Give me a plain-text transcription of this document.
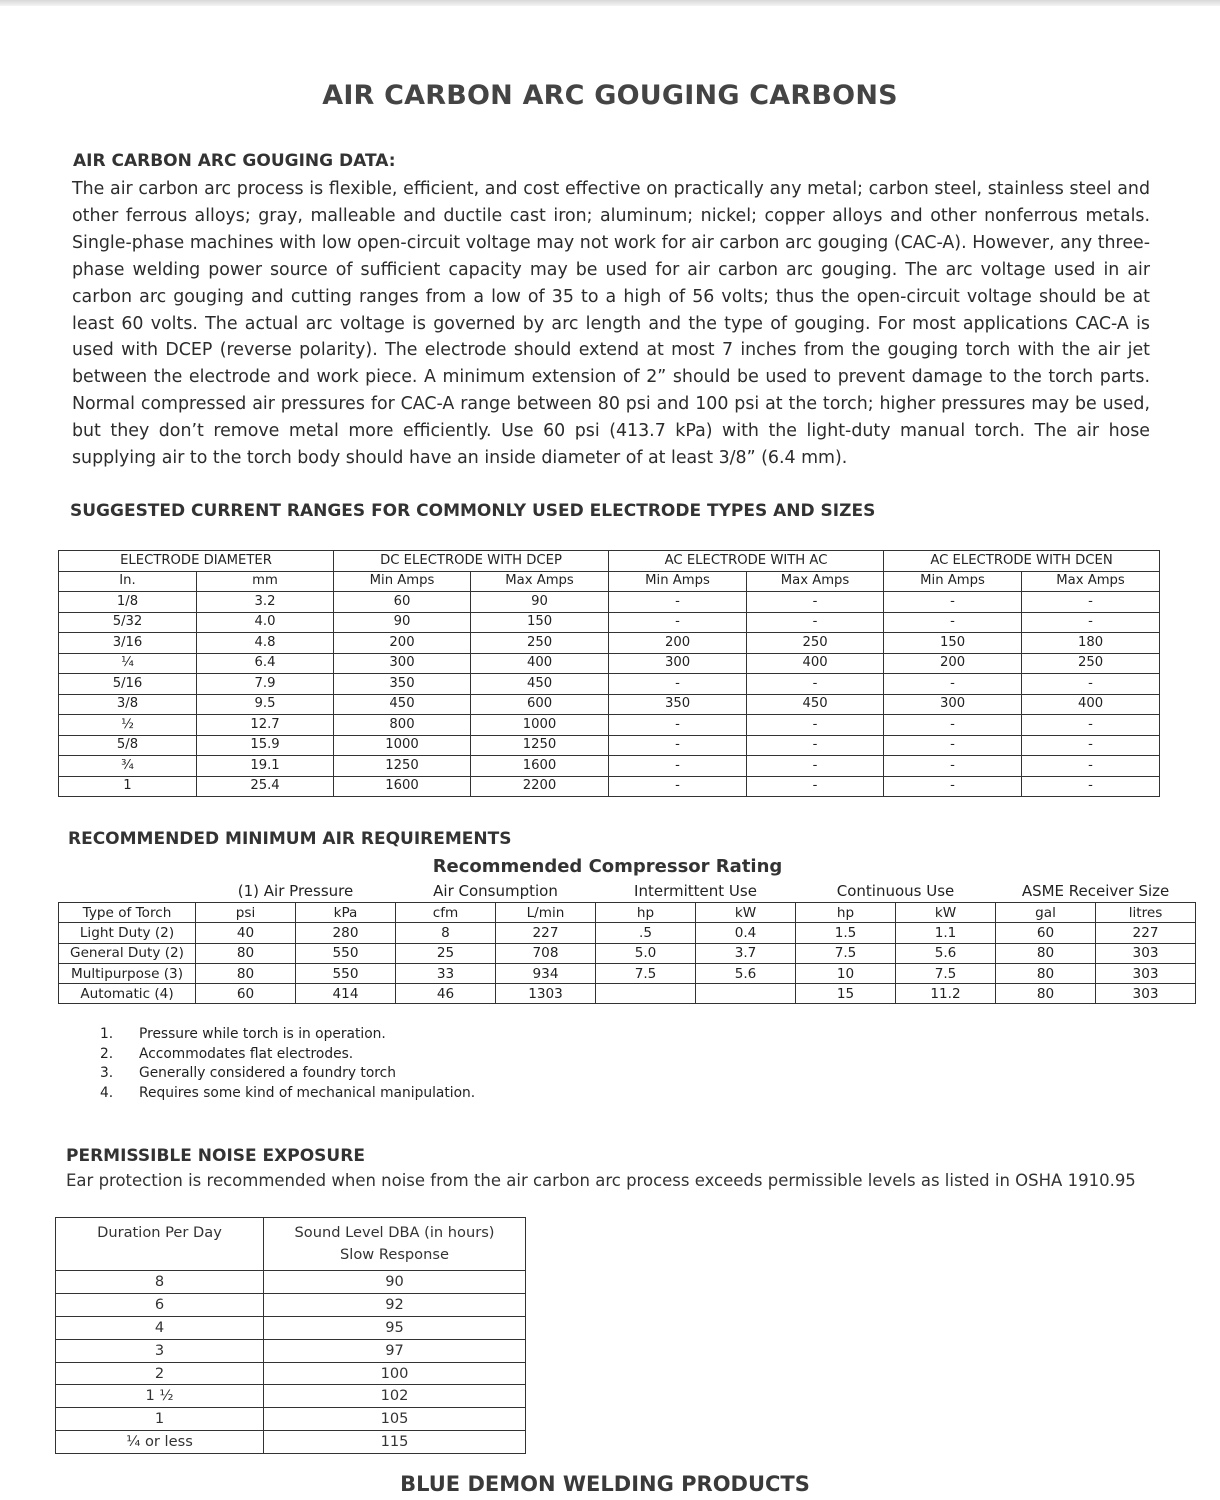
AIR CARBON ARC GOUGING CARBONS
AIR CARBON ARC GOUGING DATA:
The air carbon arc process is flexible, efficient, and cost effective on practically any metal; carbon steel, stainless steel and other ferrous alloys; gray, malleable and ductile cast iron; aluminum; nickel; copper alloys and other nonferrous metals. Single-phase machines with low open-circuit voltage may not work for air carbon arc gouging (CAC-A). However, any three-phase welding power source of sufficient capacity may be used for air carbon arc gouging. The arc voltage used in air carbon arc gouging and cutting ranges from a low of 35 to a high of 56 volts; thus the open-circuit voltage should be at least 60 volts. The actual arc voltage is governed by arc length and the type of gouging. For most applications CAC-A is used with DCEP (reverse polarity). The electrode should extend at most 7 inches from the gouging torch with the air jet between the electrode and work piece. A minimum extension of 2” should be used to prevent damage to the torch parts. Normal compressed air pressures for CAC-A range between 80 psi and 100 psi at the torch; higher pressures may be used, but they don’t remove metal more efficiently. Use 60 psi (413.7 kPa) with the light-duty manual torch. The air hose supplying air to the torch body should have an inside diameter of at least 3/8” (6.4 mm).
SUGGESTED CURRENT RANGES FOR COMMONLY USED ELECTRODE TYPES AND SIZES
ELECTRODE DIAMETER		DC ELECTRODE WITH DCEP		AC ELECTRODE WITH AC		AC ELECTRODE WITH DCEN	
In.	mm	Min Amps	Max Amps	Min Amps	Max Amps	Min Amps	Max Amps
1/8	3.2	60	90	-	-	-	-
5/32	4.0	90	150	-	-	-	-
3/16	4.8	200	250	200	250	150	180
¼	6.4	300	400	300	400	200	250
5/16	7.9	350	450	-	-	-	-
3/8	9.5	450	600	350	450	300	400
½	12.7	800	1000	-	-	-	-
5/8	15.9	1000	1250	-	-	-	-
¾	19.1	1250	1600	-	-	-	-
1	25.4	1600	2200	-	-	-	-
RECOMMENDED MINIMUM AIR REQUIREMENTS
Recommended Compressor Rating
	(1) Air Pressure		Air Consumption		Intermittent Use		Continuous Use		ASME Receiver Size	
Type of Torch	psi	kPa	cfm	L/min	hp	kW	hp	kW	gal	litres
Light Duty (2)	40	280	8	227	.5	0.4	1.5	1.1	60	227
General Duty (2)	80	550	25	708	5.0	3.7	7.5	5.6	80	303
Multipurpose (3)	80	550	33	934	7.5	5.6	10	7.5	80	303
Automatic (4)	60	414	46	1303			15	11.2	80	303
1. Pressure while torch is in operation.
2. Accommodates flat electrodes.
3. Generally considered a foundry torch
4. Requires some kind of mechanical manipulation.
PERMISSIBLE NOISE EXPOSURE
Ear protection is recommended when noise from the air carbon arc process exceeds permissible levels as listed in OSHA 1910.95
Duration Per Day	Sound Level DBA (in hours)
Slow Response

8	90
6	92
4	95
3	97
2	100
1 ½	102
1	105
¼ or less	115
BLUE DEMON WELDING PRODUCTS
